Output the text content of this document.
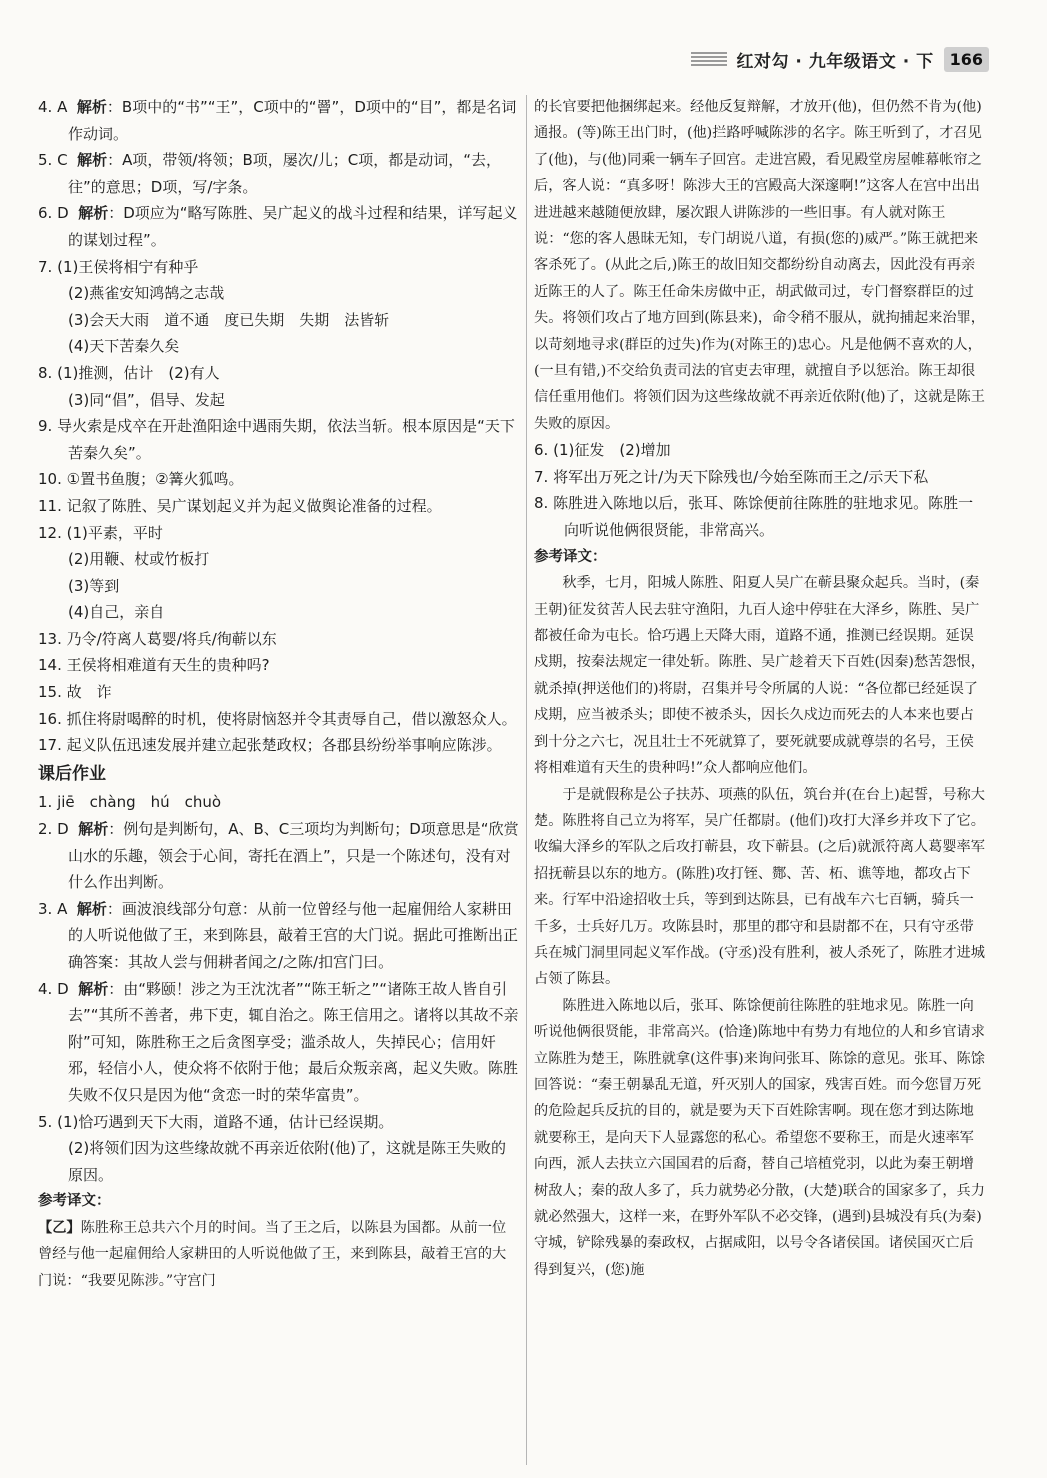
红对勾 · 九年级语文 · 下	166
4. A 解析：B项中的“书”“王”，C项中的“罾”，D项中的“目”，都是名词作动词。
5. C 解析：A项，带领/将领；B项，屡次/儿；C项，都是动词，“去，往”的意思；D项，写/字条。
6. D 解析：D项应为“略写陈胜、吴广起义的战斗过程和结果，详写起义的谋划过程”。
7. (1)王侯将相宁有种乎
(2)燕雀安知鸿鹄之志哉
(3)会天大雨　道不通　度已失期　失期　法皆斩
(4)天下苦秦久矣
8. (1)推测，估计　(2)有人
(3)同“倡”，倡导、发起
9. 导火索是戍卒在开赴渔阳途中遇雨失期，依法当斩。根本原因是“天下苦秦久矣”。
10. ①置书鱼腹；②篝火狐鸣。
11. 记叙了陈胜、吴广谋划起义并为起义做舆论准备的过程。
12. (1)平素，平时
(2)用鞭、杖或竹板打
(3)等到
(4)自己，亲自
13. 乃令/符离人葛婴/将兵/徇蕲以东
14. 王侯将相难道有天生的贵种吗?
15. 故　诈
16. 抓住将尉喝醉的时机，使将尉恼怒并令其责辱自己，借以激怒众人。
17. 起义队伍迅速发展并建立起张楚政权；各郡县纷纷举事响应陈涉。
课后作业
1. jiē　chàng　hú　chuò
2. D 解析：例句是判断句，A、B、C三项均为判断句；D项意思是“欣赏山水的乐趣，领会于心间，寄托在酒上”，只是一个陈述句，没有对什么作出判断。
3. A 解析：画波浪线部分句意：从前一位曾经与他一起雇佣给人家耕田的人听说他做了王，来到陈县，敲着王宫的大门说。据此可推断出正确答案：其故人尝与佣耕者闻之/之陈/扣宫门曰。
4. D 解析：由“夥颐！涉之为王沈沈者”“陈王斩之”“诸陈王故人皆自引去”“其所不善者，弗下吏，辄自治之。陈王信用之。诸将以其故不亲附”可知，陈胜称王之后贪图享受；滥杀故人，失掉民心；信用奸邪，轻信小人，使众将不依附于他；最后众叛亲离，起义失败。陈胜失败不仅只是因为他“贪恋一时的荣华富贵”。
5. (1)恰巧遇到天下大雨，道路不通，估计已经误期。
(2)将领们因为这些缘故就不再亲近依附(他)了，这就是陈王失败的原因。
参考译文：
【乙】陈胜称王总共六个月的时间。当了王之后，以陈县为国都。从前一位曾经与他一起雇佣给人家耕田的人听说他做了王，来到陈县，敲着王宫的大门说：“我要见陈涉。”守宫门
的长官要把他捆绑起来。经他反复辩解，才放开(他)，但仍然不肯为(他)通报。(等)陈王出门时，(他)拦路呼喊陈涉的名字。陈王听到了，才召见了(他)，与(他)同乘一辆车子回宫。走进宫殿，看见殿堂房屋帷幕帐帘之后，客人说：“真多呀！陈涉大王的宫殿高大深邃啊!”这客人在宫中出出进进越来越随便放肆，屡次跟人讲陈涉的一些旧事。有人就对陈王说：“您的客人愚昧无知，专门胡说八道，有损(您的)威严。”陈王就把来客杀死了。(从此之后,)陈王的故旧知交都纷纷自动离去，因此没有再亲近陈王的人了。陈王任命朱房做中正，胡武做司过，专门督察群臣的过失。将领们攻占了地方回到(陈县来)，命令稍不服从，就拘捕起来治罪，以苛刻地寻求(群臣的过失)作为(对陈王的)忠心。凡是他俩不喜欢的人，(一旦有错,)不交给负责司法的官吏去审理，就擅自予以惩治。陈王却很信任重用他们。将领们因为这些缘故就不再亲近依附(他)了，这就是陈王失败的原因。
6. (1)征发　(2)增加
7. 将军出万死之计/为天下除残也/今始至陈而王之/示天下私
8. 陈胜进入陈地以后，张耳、陈馀便前往陈胜的驻地求见。陈胜一向听说他俩很贤能，非常高兴。
参考译文：
秋季，七月，阳城人陈胜、阳夏人吴广在蕲县聚众起兵。当时，(秦王朝)征发贫苦人民去驻守渔阳，九百人途中停驻在大泽乡，陈胜、吴广都被任命为屯长。恰巧遇上天降大雨，道路不通，推测已经误期。延误戍期，按秦法规定一律处斩。陈胜、吴广趁着天下百姓(因秦)愁苦怨恨，就杀掉(押送他们的)将尉，召集并号令所属的人说：“各位都已经延误了戍期，应当被杀头；即使不被杀头，因长久戍边而死去的人本来也要占到十分之六七，况且壮士不死就算了，要死就要成就尊崇的名号，王侯将相难道有天生的贵种吗!”众人都响应他们。
于是就假称是公子扶苏、项燕的队伍，筑台并(在台上)起誓，号称大楚。陈胜将自己立为将军，吴广任都尉。(他们)攻打大泽乡并攻下了它。收编大泽乡的军队之后攻打蕲县，攻下蕲县。(之后)就派符离人葛婴率军招抚蕲县以东的地方。(陈胜)攻打铚、酂、苦、柘、谯等地，都攻占下来。行军中沿途招收士兵，等到到达陈县，已有战车六七百辆，骑兵一千多，士兵好几万。攻陈县时，那里的郡守和县尉都不在，只有守丞带兵在城门洞里同起义军作战。(守丞)没有胜利，被人杀死了，陈胜才进城占领了陈县。
陈胜进入陈地以后，张耳、陈馀便前往陈胜的驻地求见。陈胜一向听说他俩很贤能，非常高兴。(恰逢)陈地中有势力有地位的人和乡官请求立陈胜为楚王，陈胜就拿(这件事)来询问张耳、陈馀的意见。张耳、陈馀回答说：“秦王朝暴乱无道，歼灭别人的国家，残害百姓。而今您冒万死的危险起兵反抗的目的，就是要为天下百姓除害啊。现在您才到达陈地就要称王，是向天下人显露您的私心。希望您不要称王，而是火速率军向西，派人去扶立六国国君的后裔，替自己培植党羽，以此为秦王朝增树敌人；秦的敌人多了，兵力就势必分散，(大楚)联合的国家多了，兵力就必然强大，这样一来，在野外军队不必交锋，(遇到)县城没有兵(为秦)守城，铲除残暴的秦政权，占据咸阳，以号令各诸侯国。诸侯国灭亡后得到复兴，(您)施
